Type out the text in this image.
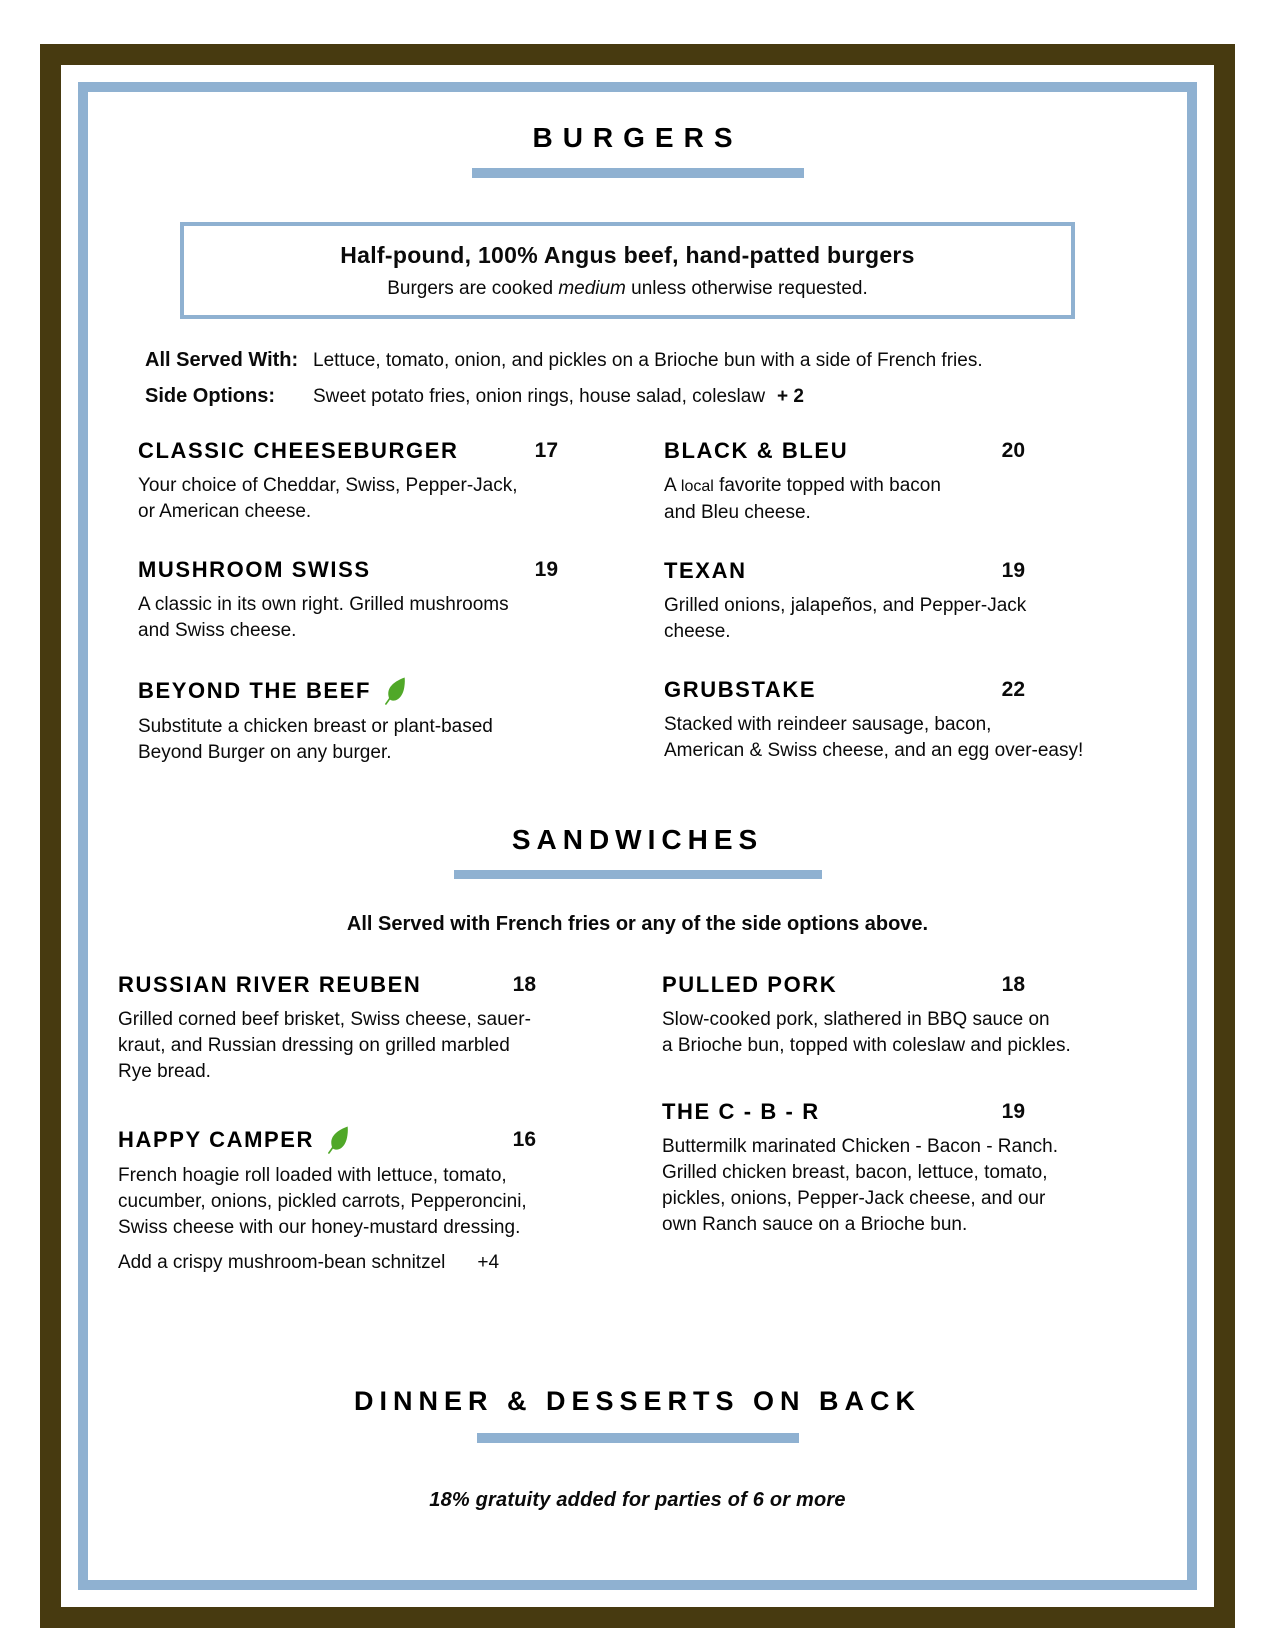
BURGERS

Half-pound, 100% Angus beef, hand-patted burgers

Burgers are cooked medium unless otherwise requested.

All Served With: Lettuce, tomato, onion, and pickles on a Brioche bun with a side of French fries.

Side Options: Sweet potato fries, onion rings, house salad, coleslaw + 2

CLASSIC CHEESEBURGER	17

Your choice of Cheddar, Swiss, Pepper-Jack,
or American cheese.

MUSHROOM SWISS	19

A classic in its own right. Grilled mushrooms
and Swiss cheese.

BEYOND THE BEEF

Substitute a chicken breast or plant-based
Beyond Burger on any burger.

BLACK & BLEU	20

A local favorite topped with bacon
and Bleu cheese.

TEXAN	19

Grilled onions, jalapeños, and Pepper-Jack
cheese.

GRUBSTAKE	22

Stacked with reindeer sausage, bacon,
American & Swiss cheese, and an egg over-easy!

SANDWICHES

All Served with French fries or any of the side options above.

RUSSIAN RIVER REUBEN	18

Grilled corned beef brisket, Swiss cheese, sauer-
kraut, and Russian dressing on grilled marbled
Rye bread.

HAPPY CAMPER	16

French hoagie roll loaded with lettuce, tomato,
cucumber, onions, pickled carrots, Pepperoncini,
Swiss cheese with our honey-mustard dressing.

Add a crispy mushroom-bean schnitzel +4

PULLED PORK	18

Slow-cooked pork, slathered in BBQ sauce on
a Brioche bun, topped with coleslaw and pickles.

THE C - B - R	19

Buttermilk marinated Chicken - Bacon - Ranch.
Grilled chicken breast, bacon, lettuce, tomato,
pickles, onions, Pepper-Jack cheese, and our
own Ranch sauce on a Brioche bun.

DINNER & DESSERTS ON BACK

18% gratuity added for parties of 6 or more
